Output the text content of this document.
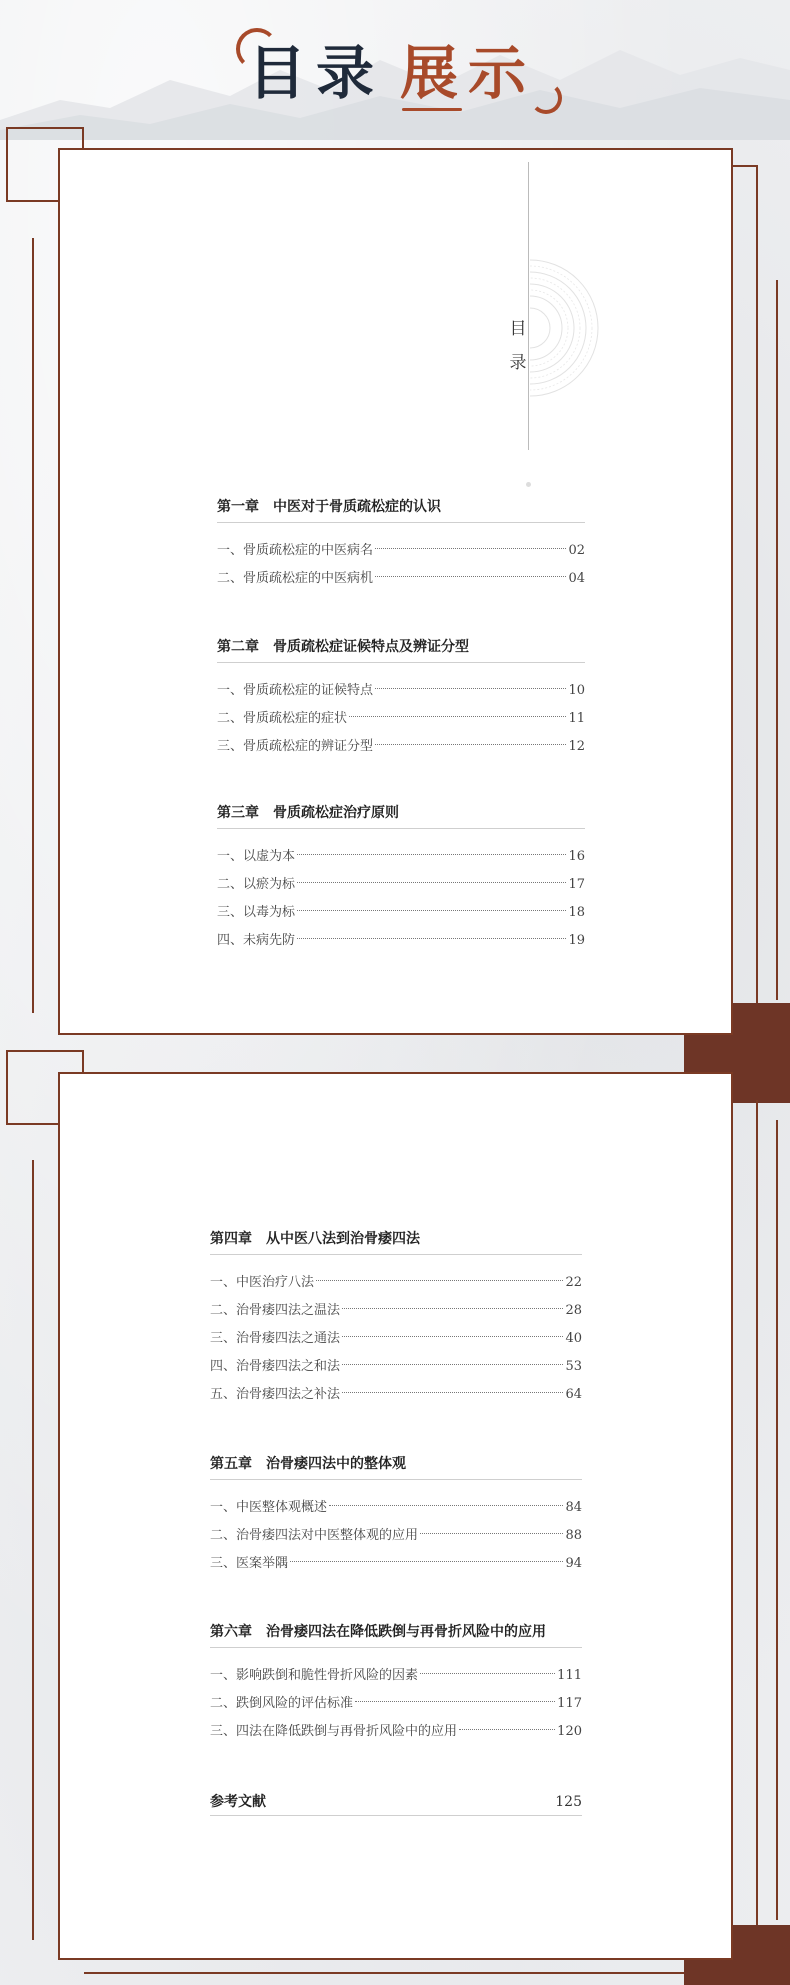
目录 展示
目
录
第一章 中医对于骨质疏松症的认识
一、骨质疏松症的中医病名	02
二、骨质疏松症的中医病机	04
第二章 骨质疏松症证候特点及辨证分型
一、骨质疏松症的证候特点	10
二、骨质疏松症的症状	11
三、骨质疏松症的辨证分型	12
第三章 骨质疏松症治疗原则
一、以虚为本	16
二、以瘀为标	17
三、以毒为标	18
四、未病先防	19
第四章 从中医八法到治骨痿四法
一、中医治疗八法	22
二、治骨痿四法之温法	28
三、治骨痿四法之通法	40
四、治骨痿四法之和法	53
五、治骨痿四法之补法	64
第五章 治骨痿四法中的整体观
一、中医整体观概述	84
二、治骨痿四法对中医整体观的应用	88
三、医案举隅	94
第六章 治骨痿四法在降低跌倒与再骨折风险中的应用
一、影响跌倒和脆性骨折风险的因素	111
二、跌倒风险的评估标准	117
三、四法在降低跌倒与再骨折风险中的应用	120
参考文献	125
